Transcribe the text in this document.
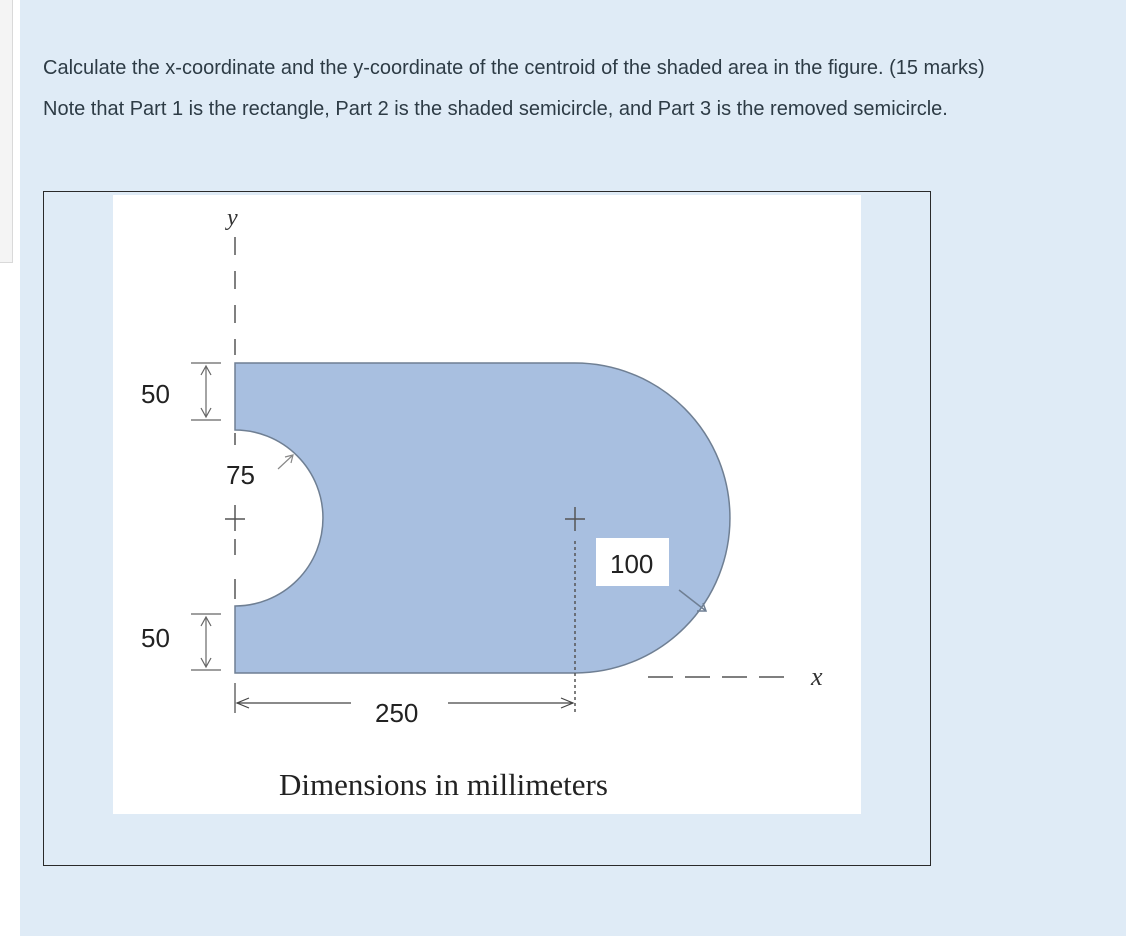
Calculate the x-coordinate and the y-coordinate of the centroid of the shaded area in the figure. (15 marks)

Note that Part 1 is the rectangle, Part 2 is the shaded semicircle, and Part 3 is the removed semicircle.

y
x
50
50
75
100
250
Dimensions in millimeters
